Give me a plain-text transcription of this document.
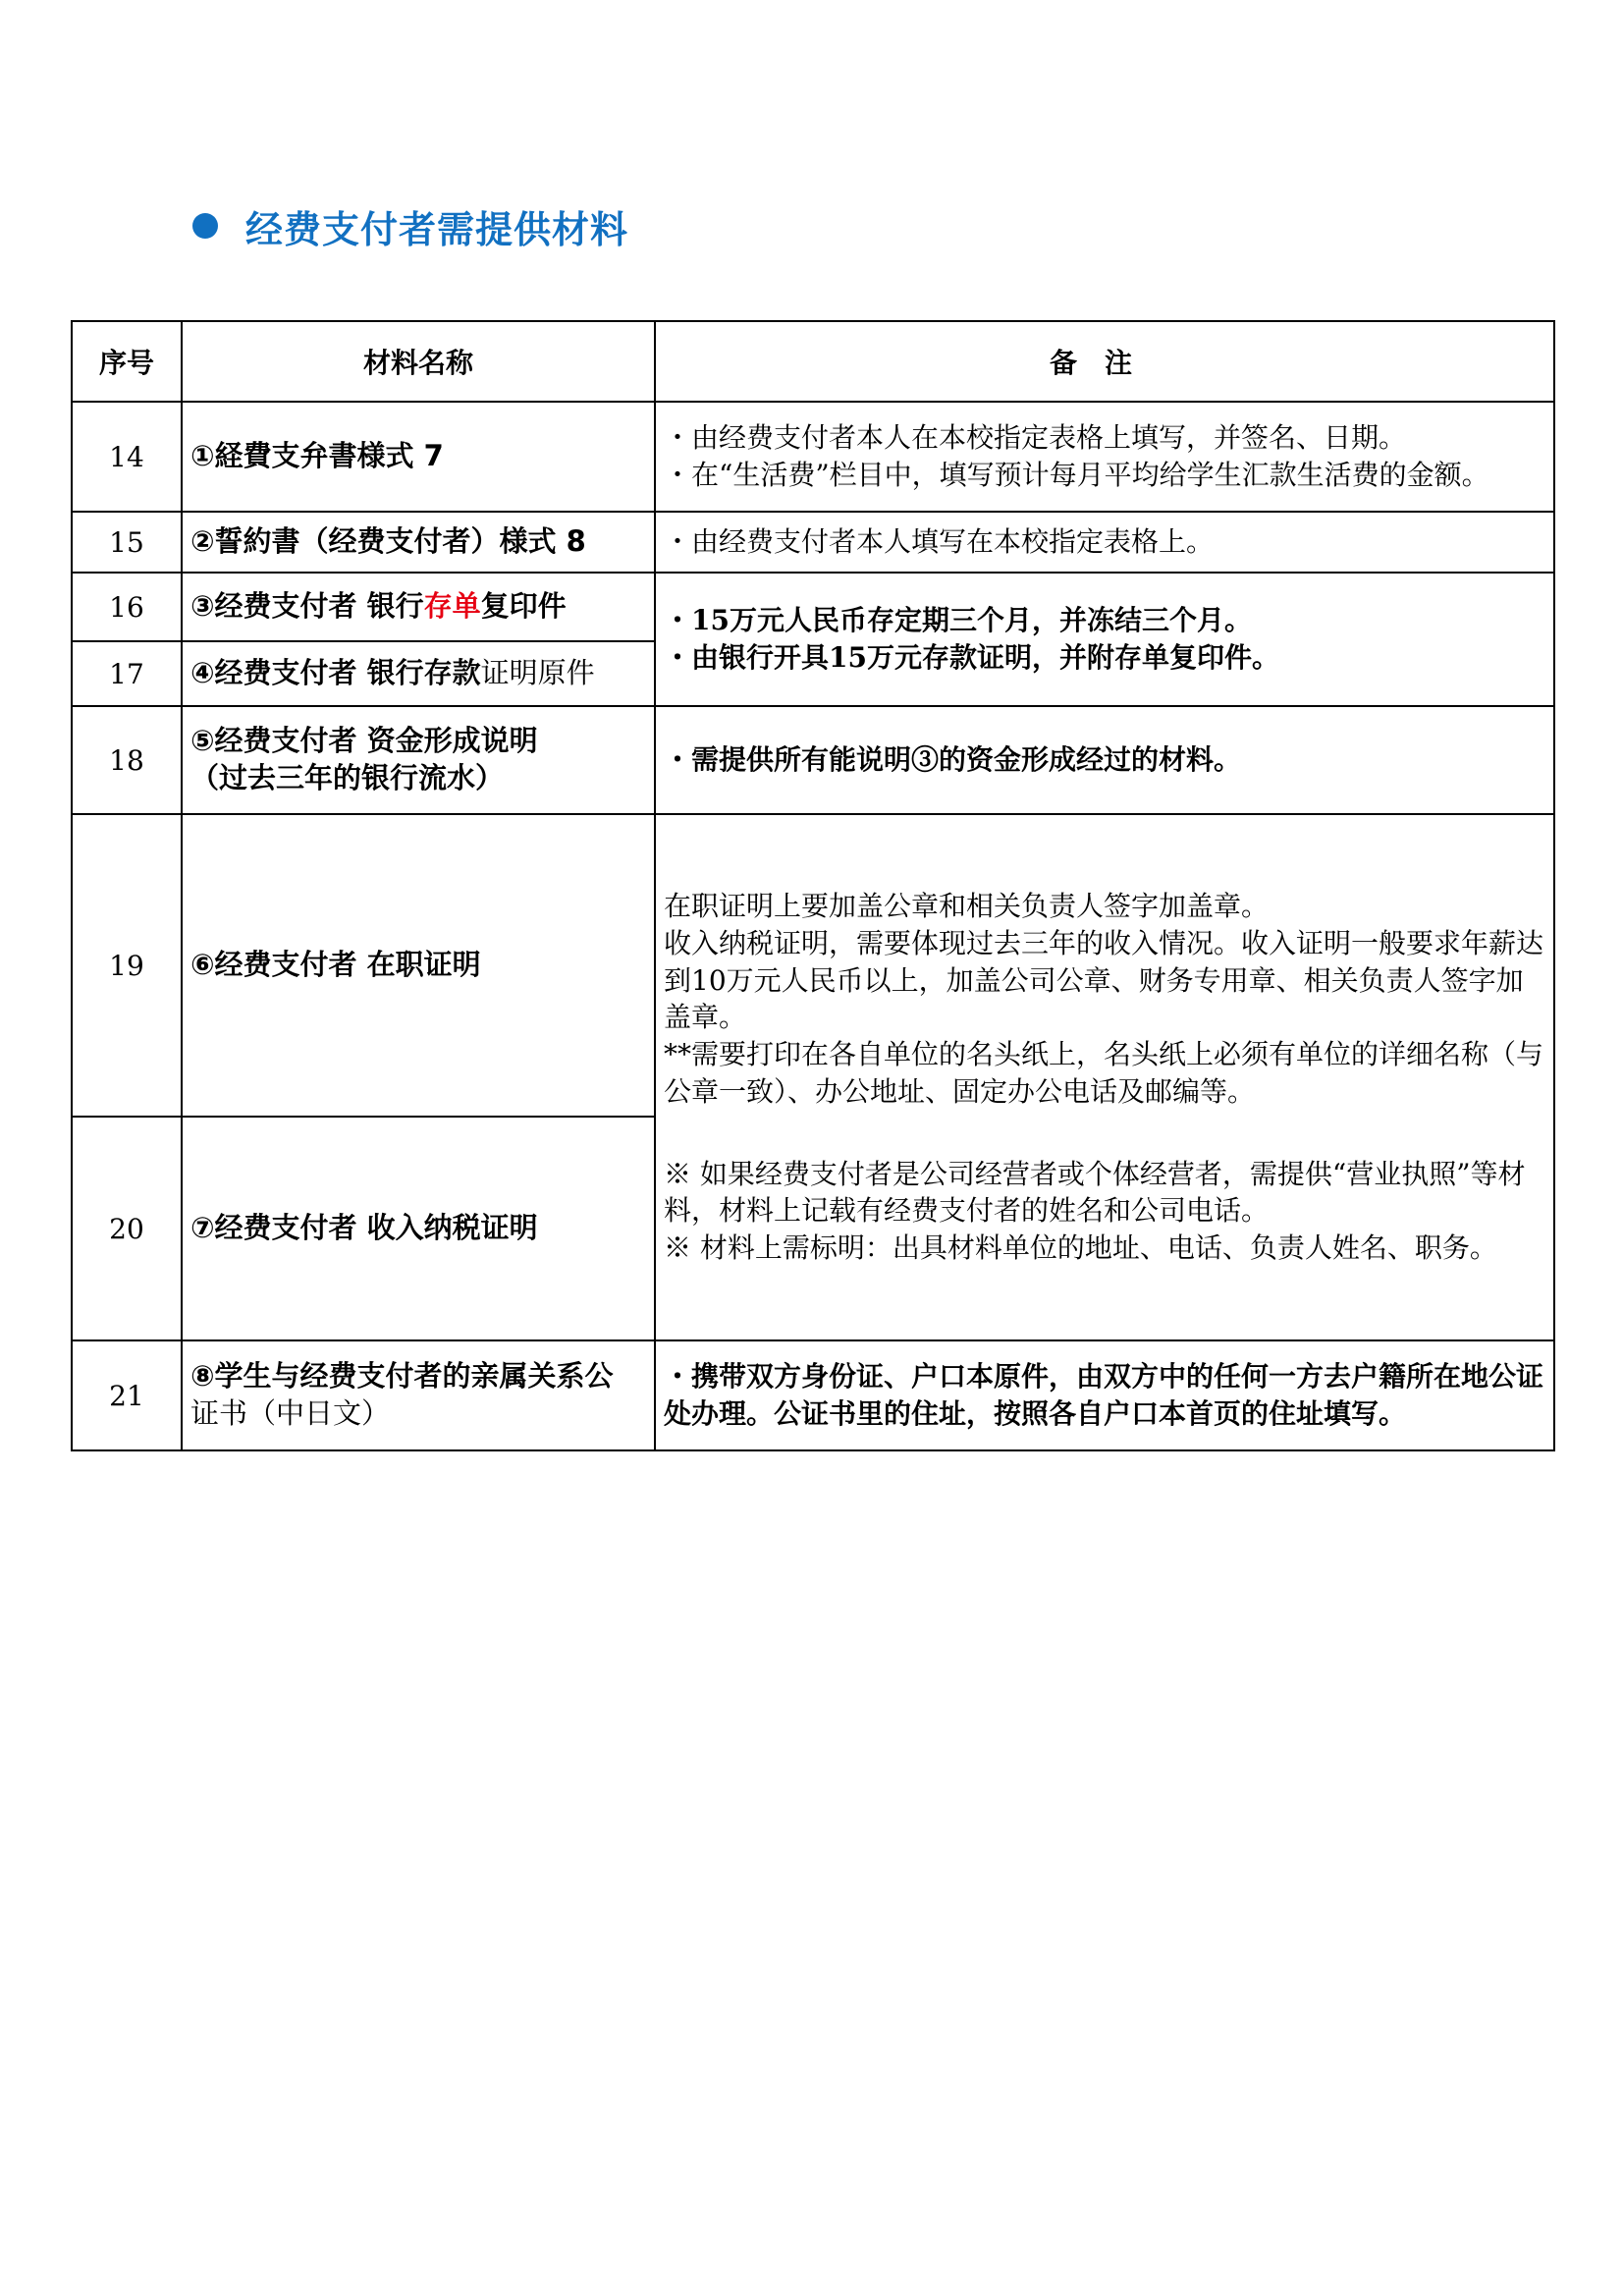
经费支付者需提供材料
序号	材料名称	备注
14	①経費支弁書様式 7	・由经费支付者本人在本校指定表格上填写，并签名、日期。
・在“生活费”栏目中，填写预计每月平均给学生汇款生活费的金额。

15	②誓約書（经费支付者）様式 8	・由经费支付者本人填写在本校指定表格上。

16	③经费支付者 银行存单复印件	・15万元人民币存定期三个月，并冻结三个月。
・由银行开具15万元存款证明，并附存单复印件。

17	④经费支付者 银行存款证明原件	
18	⑤经费支付者 资金形成说明
（过去三年的银行流水）	・需提供所有能说明③的资金形成经过的材料。

19	⑥经费支付者 在职证明	在职证明上要加盖公章和相关负责人签字加盖章。
收入纳税证明，需要体现过去三年的收入情况。收入证明一般要求年薪达到10万元人民币以上，加盖公司公章、财务专用章、相关负责人签字加盖章。
**需要打印在各自单位的名头纸上，名头纸上必须有单位的详细名称（与公章一致）、办公地址、固定办公电话及邮编等。
※ 如果经费支付者是公司经营者或个体经营者，需提供“营业执照”等材料，材料上记载有经费支付者的姓名和公司电话。
※ 材料上需标明：出具材料单位的地址、电话、负责人姓名、职务。

20	⑦经费支付者 收入纳税证明	
21	⑧学生与经费支付者的亲属关系公
证书（中日文）	・携带双方身份证、户口本原件，由双方中的任何一方去户籍所在地公证处办理。公证书里的住址，按照各自户口本首页的住址填写。
